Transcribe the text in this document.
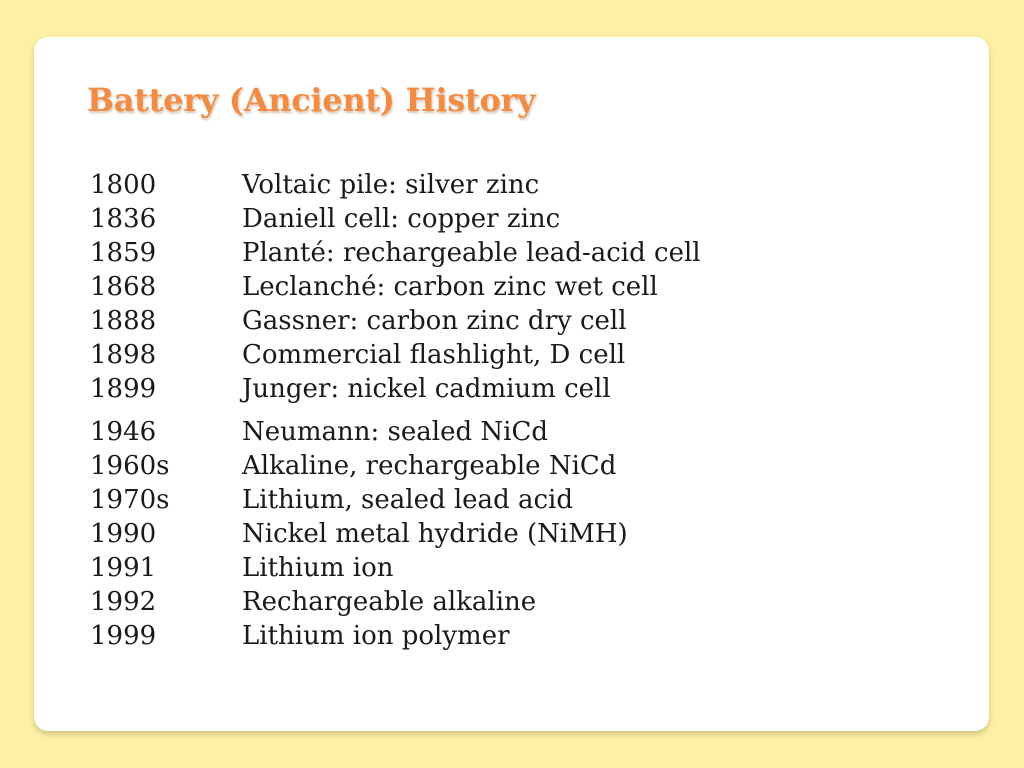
Battery (Ancient) History
1800	Voltaic pile: silver zinc
1836	Daniell cell: copper zinc
1859	Planté: rechargeable lead-acid cell
1868	Leclanché: carbon zinc wet cell
1888	Gassner: carbon zinc dry cell
1898	Commercial flashlight, D cell
1899	Junger: nickel cadmium cell
1946	Neumann: sealed NiCd
1960s	Alkaline, rechargeable NiCd
1970s	Lithium, sealed lead acid
1990	Nickel metal hydride (NiMH)
1991	Lithium ion
1992	Rechargeable alkaline
1999	Lithium ion polymer
